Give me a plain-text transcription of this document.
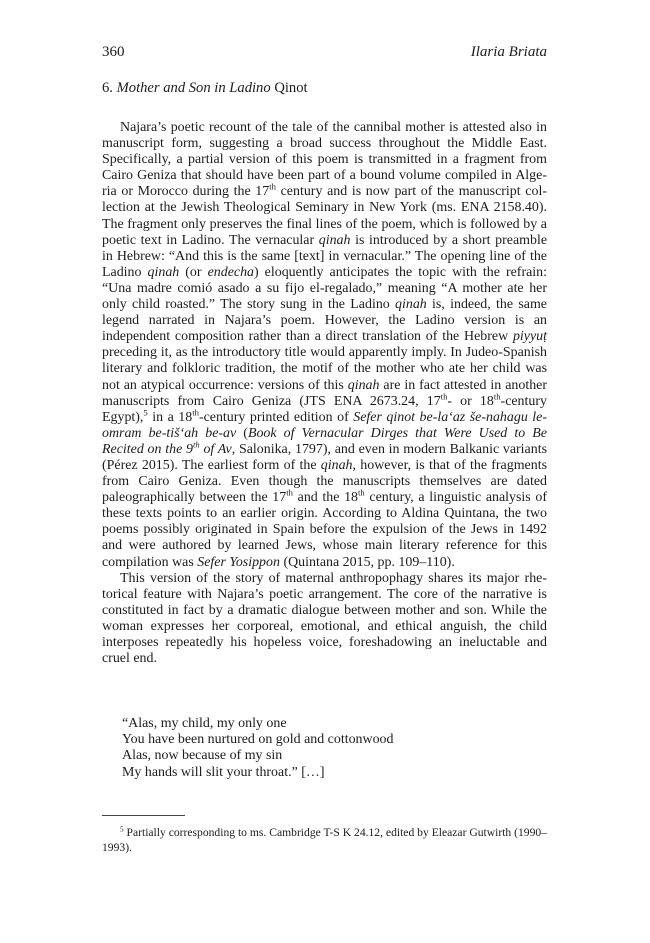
360	Ilaria Briata
6. Mother and Son in Ladino Qinot

Najara’s poetic recount of the tale of the cannibal mother is attested also in manuscript form, suggesting a broad success throughout the Middle East. Specifically, a partial version of this poem is transmitted in a fragment from Cairo Geniza that should have been part of a bound volume compiled in Algeria or Morocco during the 17th century and is now part of the manuscript collection at the Jewish Theological Seminary in New York (ms. ENA 2158.40). The fragment only preserves the final lines of the poem, which is followed by a poetic text in Ladino. The vernacular qinah is introduced by a short preamble in Hebrew: “And this is the same [text] in vernacular.” The opening line of the Ladino qinah (or endecha) eloquently anticipates the topic with the refrain: “Una madre comió asado a su fijo el-regalado,” meaning “A mother ate her only child roasted.” The story sung in the Ladino qinah is, indeed, the same legend narrated in Najara’s poem. However, the Ladino version is an independent composition rather than a direct translation of the Hebrew piyyuṭ preceding it, as the introductory title would apparently imply. In Judeo-Spanish literary and folkloric tradition, the motif of the mother who ate her child was not an atypical occurrence: versions of this qinah are in fact attested in another manuscripts from Cairo Geniza (JTS ENA 2673.24, 17th- or 18th-century Egypt),$^5$ in a 18th-century printed edition of Sefer qinot be-la‘az še-nahagu le-omram be-tiš‘ah be-av (Book of Vernacular Dirges that Were Used to Be Recited on the 9th of Av, Salonika, 1797), and even in modern Balkanic variants (Pérez 2015). The earliest form of the qinah, however, is that of the fragments from Cairo Geniza. Even though the manuscripts themselves are dated paleographically between the 17th and the 18th century, a linguistic analysis of these texts points to an earlier origin. According to Aldina Quintana, the two poems possibly originated in Spain before the expulsion of the Jews in 1492 and were authored by learned Jews, whose main literary reference for this compilation was Sefer Yosippon (Quintana 2015, pp. 109–110).

This version of the story of maternal anthropophagy shares its major rhetorical feature with Najara’s poetic arrangement. The core of the narrative is constituted in fact by a dramatic dialogue between mother and son. While the woman expresses her corporeal, emotional, and ethical anguish, the child interposes repeatedly his hopeless voice, foreshadowing an ineluctable and cruel end.

“Alas, my child, my only one
You have been nurtured on gold and cottonwood
Alas, now because of my sin
My hands will slit your throat.” […]
$^5$ Partially corresponding to ms. Cambridge T-S K 24.12, edited by Eleazar Gutwirth (1990–1993).
